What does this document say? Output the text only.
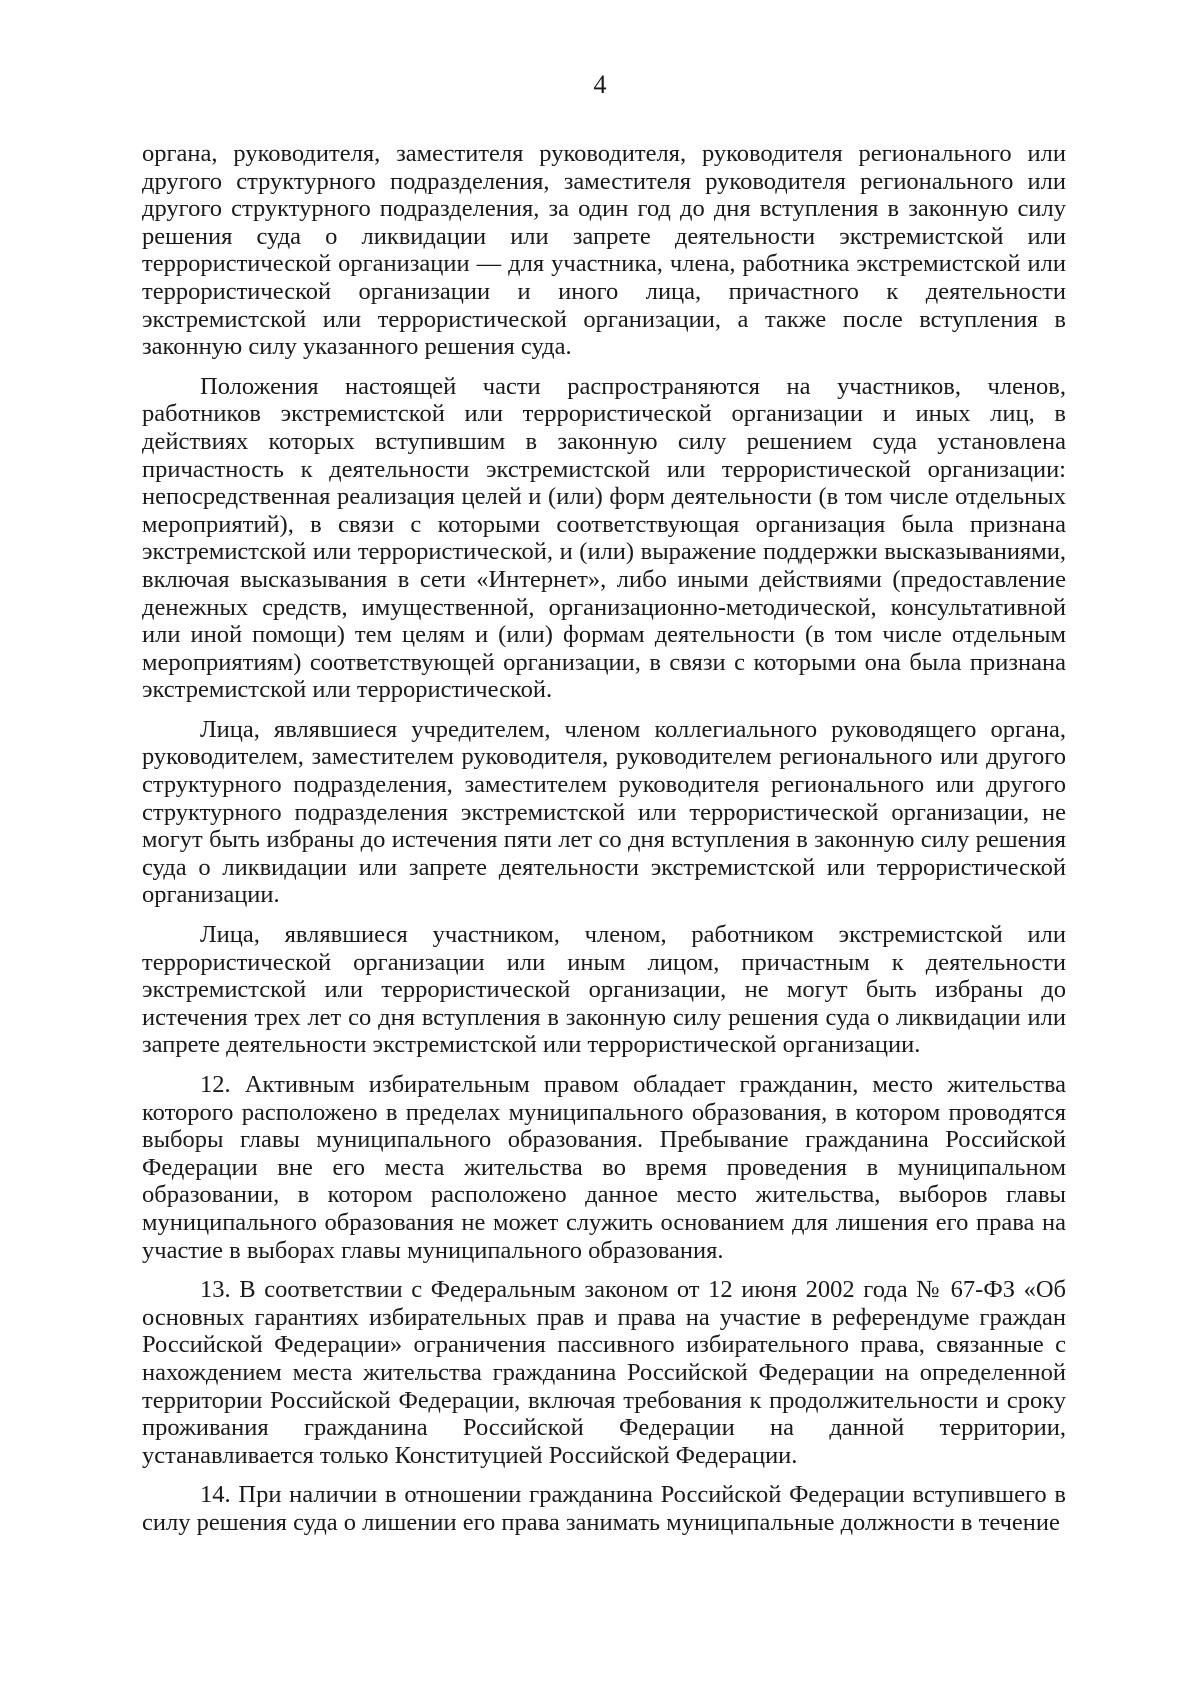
4

органа, руководителя, заместителя руководителя, руководителя регионального или другого структурного подразделения, заместителя руководителя регионального или другого структурного подразделения, за один год до дня вступления в законную силу решения суда о ликвидации или запрете деятельности экстремистской или террористической организации — для участника, члена, работника экстремистской или террористической организации и иного лица, причастного к деятельности экстремистской или террористической организации, а также после вступления в законную силу указанного решения суда.

Положения настоящей части распространяются на участников, членов, работников экстремистской или террористической организации и иных лиц, в действиях которых вступившим в законную силу решением суда установлена причастность к деятельности экстремистской или террористической организации: непосредственная реализация целей и (или) форм деятельности (в том числе отдельных мероприятий), в связи с которыми соответствующая организация была признана экстремистской или террористической, и (или) выражение поддержки высказываниями, включая высказывания в сети «Интернет», либо иными действиями (предоставление денежных средств, имущественной, организационно-методической, консультативной или иной помощи) тем целям и (или) формам деятельности (в том числе отдельным мероприятиям) соответствующей организации, в связи с которыми она была признана экстремистской или террористической.

Лица, являвшиеся учредителем, членом коллегиального руководящего органа, руководителем, заместителем руководителя, руководителем регионального или другого структурного подразделения, заместителем руководителя регионального или другого структурного подразделения экстремистской или террористической организации, не могут быть избраны до истечения пяти лет со дня вступления в законную силу решения суда о ликвидации или запрете деятельности экстремистской или террористической организации.

Лица, являвшиеся участником, членом, работником экстремистской или террористической организации или иным лицом, причастным к деятельности экстремистской или террористической организации, не могут быть избраны до истечения трех лет со дня вступления в законную силу решения суда о ликвидации или запрете деятельности экстремистской или террористической организации.

12. Активным избирательным правом обладает гражданин, место жительства которого расположено в пределах муниципального образования, в котором проводятся выборы главы муниципального образования. Пребывание гражданина Российской Федерации вне его места жительства во время проведения в муниципальном образовании, в котором расположено данное место жительства, выборов главы муниципального образования не может служить основанием для лишения его права на участие в выборах главы муниципального образования.

13. В соответствии с Федеральным законом от 12 июня 2002 года № 67-ФЗ «Об основных гарантиях избирательных прав и права на участие в референдуме граждан Российской Федерации» ограничения пассивного избирательного права, связанные с нахождением места жительства гражданина Российской Федерации на определенной территории Российской Федерации, включая требования к продолжительности и сроку проживания гражданина Российской Федерации на данной территории, устанавливается только Конституцией Российской Федерации.

14. При наличии в отношении гражданина Российской Федерации вступившего в силу решения суда о лишении его права занимать муниципальные должности в течение
